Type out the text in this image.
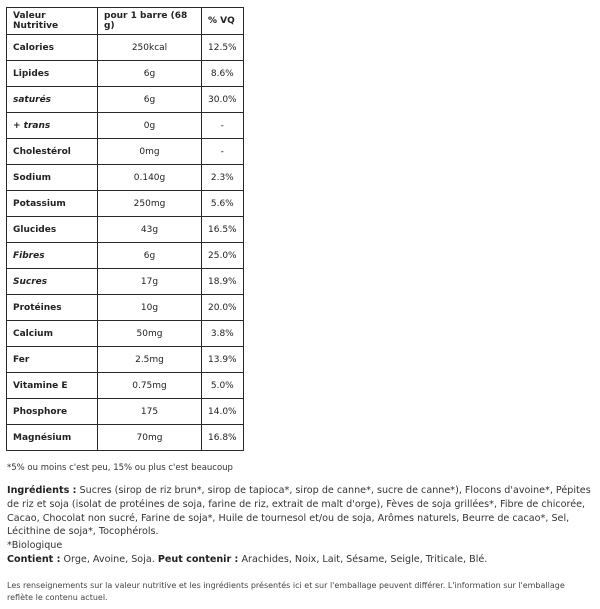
Valeur Nutritive	pour 1 barre (68 g)	% VQ
Calories	250kcal	12.5%
Lipides	6g	8.6%
saturés	6g	30.0%
+ trans	0g	-
Cholestérol	0mg	-
Sodium	0.140g	2.3%
Potassium	250mg	5.6%
Glucides	43g	16.5%
Fibres	6g	25.0%
Sucres	17g	18.9%
Protéines	10g	20.0%
Calcium	50mg	3.8%
Fer	2.5mg	13.9%
Vitamine E	0.75mg	5.0%
Phosphore	175	14.0%
Magnésium	70mg	16.8%
*5% ou moins c'est peu, 15% ou plus c'est beaucoup

Ingrédients : Sucres (sirop de riz brun*, sirop de tapioca*, sirop de canne*, sucre de canne*), Flocons d'avoine*, Pépites de riz et soja (isolat de protéines de soja, farine de riz, extrait de malt d'orge), Fèves de soja grillées*, Fibre de chicorée, Cacao, Chocolat non sucré, Farine de soja*, Huile de tournesol et/ou de soja, Arômes naturels, Beurre de cacao*, Sel, Lécithine de soja*, Tocophérols.

*Biologique

Contient : Orge, Avoine, Soja. Peut contenir : Arachides, Noix, Lait, Sésame, Seigle, Triticale, Blé.

Les renseignements sur la valeur nutritive et les ingrédients présentés ici et sur l'emballage peuvent différer. L'information sur l'emballage reflète le contenu actuel.
